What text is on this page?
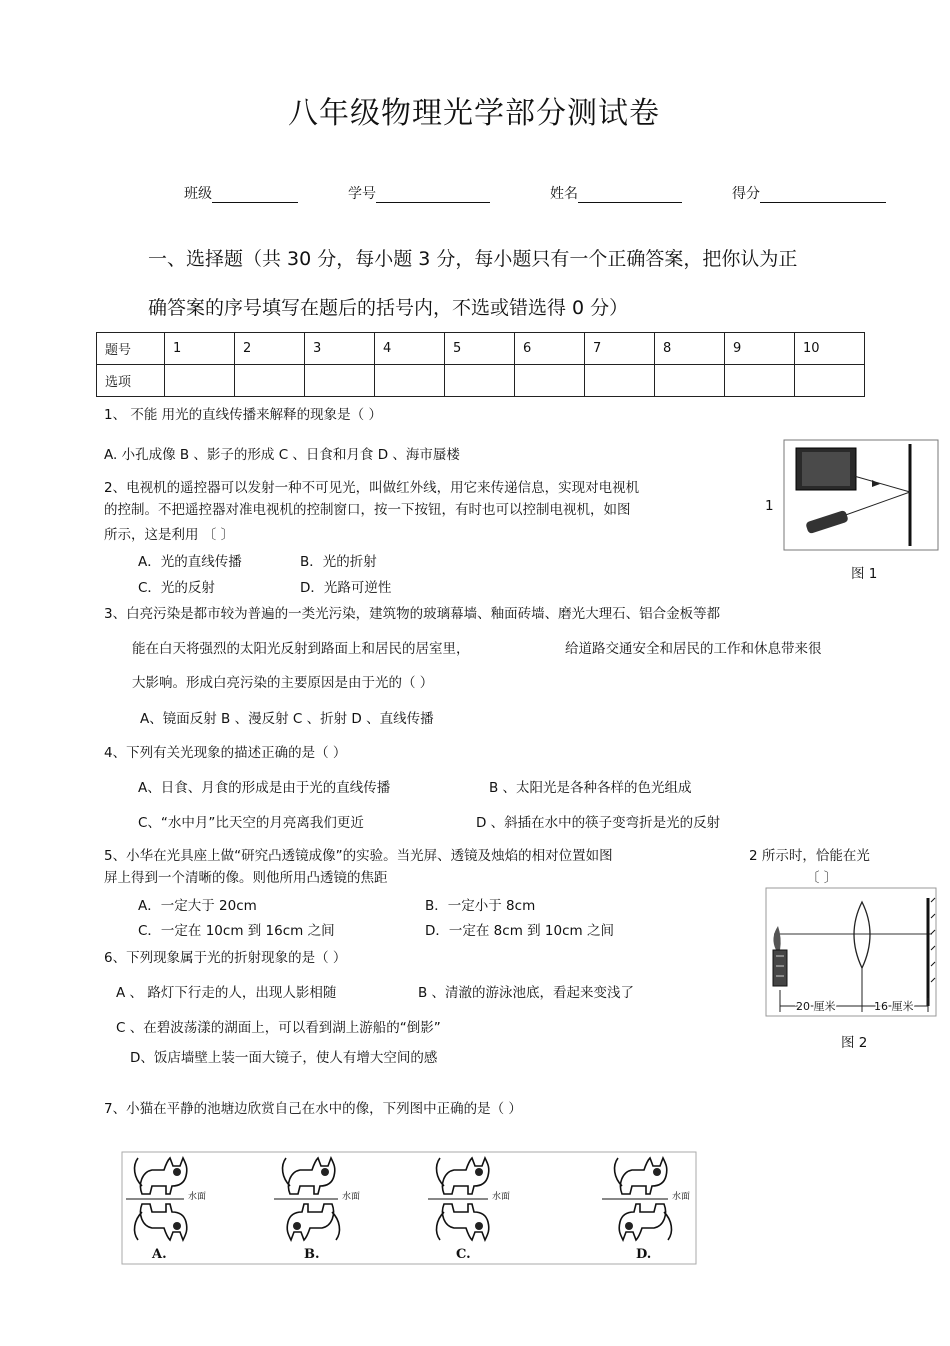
八年级物理光学部分测试卷
班级	学号	姓名	得分
一、选择题（共 30 分，每小题 3 分，每小题只有一个正确答案，把你认为正
确答案的序号填写在题后的括号内，不选或错选得 0 分）
题号	1	2	3	4	5	6	7	8	9	10
选项										
1、 不能 用光的直线传播来解释的现象是（ ）
A. 小孔成像 B 、影子的形成 C 、日食和月食 D 、海市蜃楼
2、电视机的遥控器可以发射一种不可见光，叫做红外线，用它来传递信息，实现对电视机
的控制。不把遥控器对准电视机的控制窗口，按一下按钮，有时也可以控制电视机，如图	1
所示，这是利用 〔 〕
A．光的直线传播	B．光的折射
C．光的反射	D．光路可逆性
图 1
3、白亮污染是都市较为普遍的一类光污染，建筑物的玻璃幕墙、釉面砖墙、磨光大理石、铝合金板等都
能在白天将强烈的太阳光反射到路面上和居民的居室里，	给道路交通安全和居民的工作和休息带来很
大影响。形成白亮污染的主要原因是由于光的（ ）
A、镜面反射 B 、漫反射 C 、折射 D 、直线传播
4、下列有关光现象的描述正确的是（ ）
A、日食、月食的形成是由于光的直线传播	B 、太阳光是各种各样的色光组成
C、“水中月”比天空的月亮离我们更近	D 、斜插在水中的筷子变弯折是光的反射
5、小华在光具座上做“研究凸透镜成像”的实验。当光屏、透镜及烛焰的相对位置如图	2 所示时，恰能在光
屏上得到一个清晰的像。则他所用凸透镜的焦距	〔 〕
A．一定大于 20cm	B．一定小于 8cm
C．一定在 10cm 到 16cm 之间	D．一定在 8cm 到 10cm 之间
20 厘米	16 厘米
图 2
6、下列现象属于光的折射现象的是（ ）
A 、 路灯下行走的人，出现人影相随	B 、清澈的游泳池底，看起来变浅了
C 、在碧波荡漾的湖面上，可以看到湖上游船的“倒影”
D、饭店墙壁上装一面大镜子，使人有增大空间的感
7、小猫在平静的池塘边欣赏自己在水中的像，下列图中正确的是（ ）
水面	水面	水面	水面
A.	B.	C.	D.
